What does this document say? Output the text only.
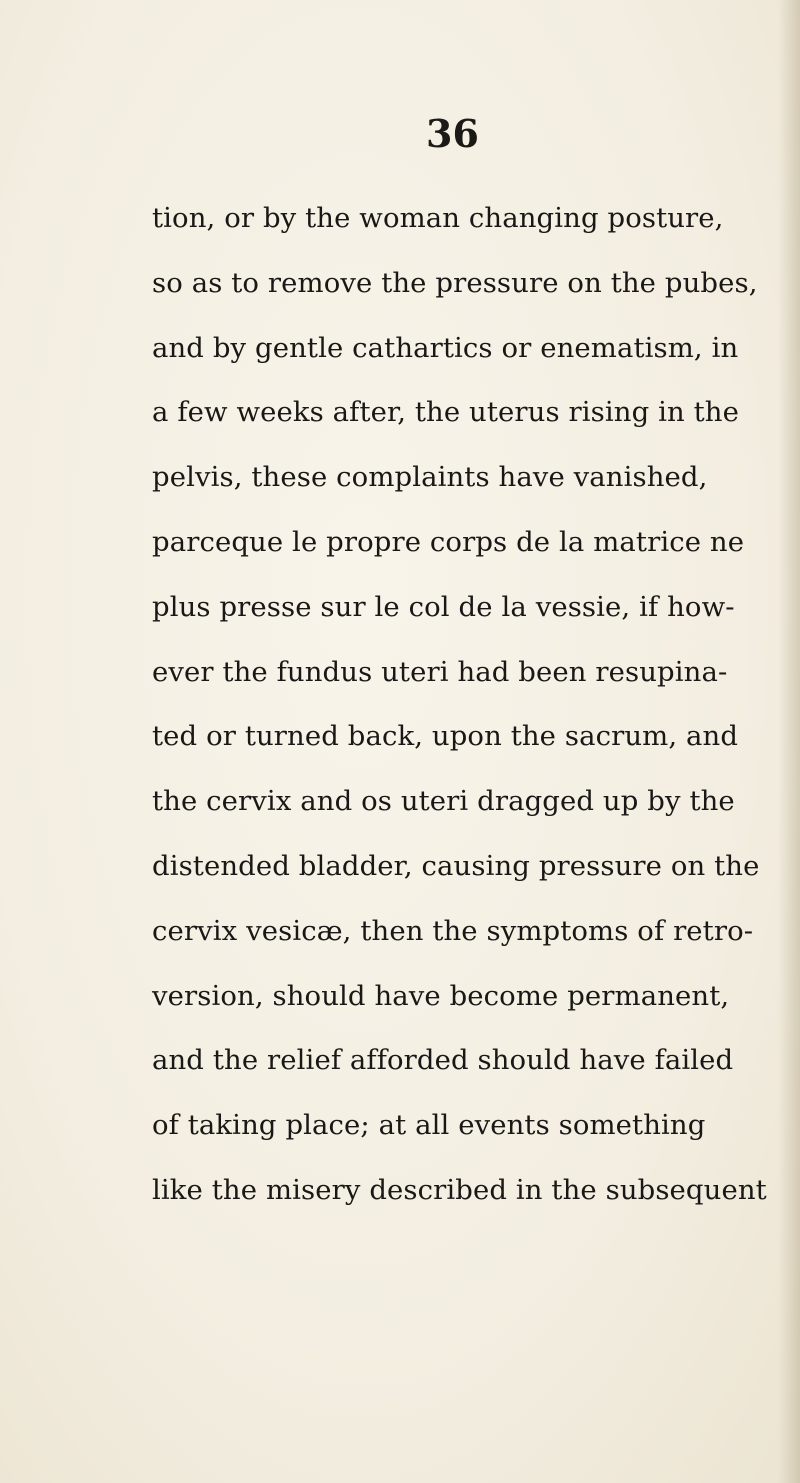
36
tion, or by the woman changing posture,
so as to remove the pressure on the pubes,
and by gentle cathartics or enematism, in
a few weeks after, the uterus rising in the
pelvis, these complaints have vanished,
parceque le propre corps de la matrice ne
plus presse sur le col de la vessie, if how-
ever the fundus uteri had been resupina-
ted or turned back, upon the sacrum, and
the cervix and os uteri dragged up by the
distended bladder, causing pressure on the
cervix vesicæ, then the symptoms of retro-
version, should have become permanent,
and the relief afforded should have failed
of taking place; at all events something
like the misery described in the subsequent
